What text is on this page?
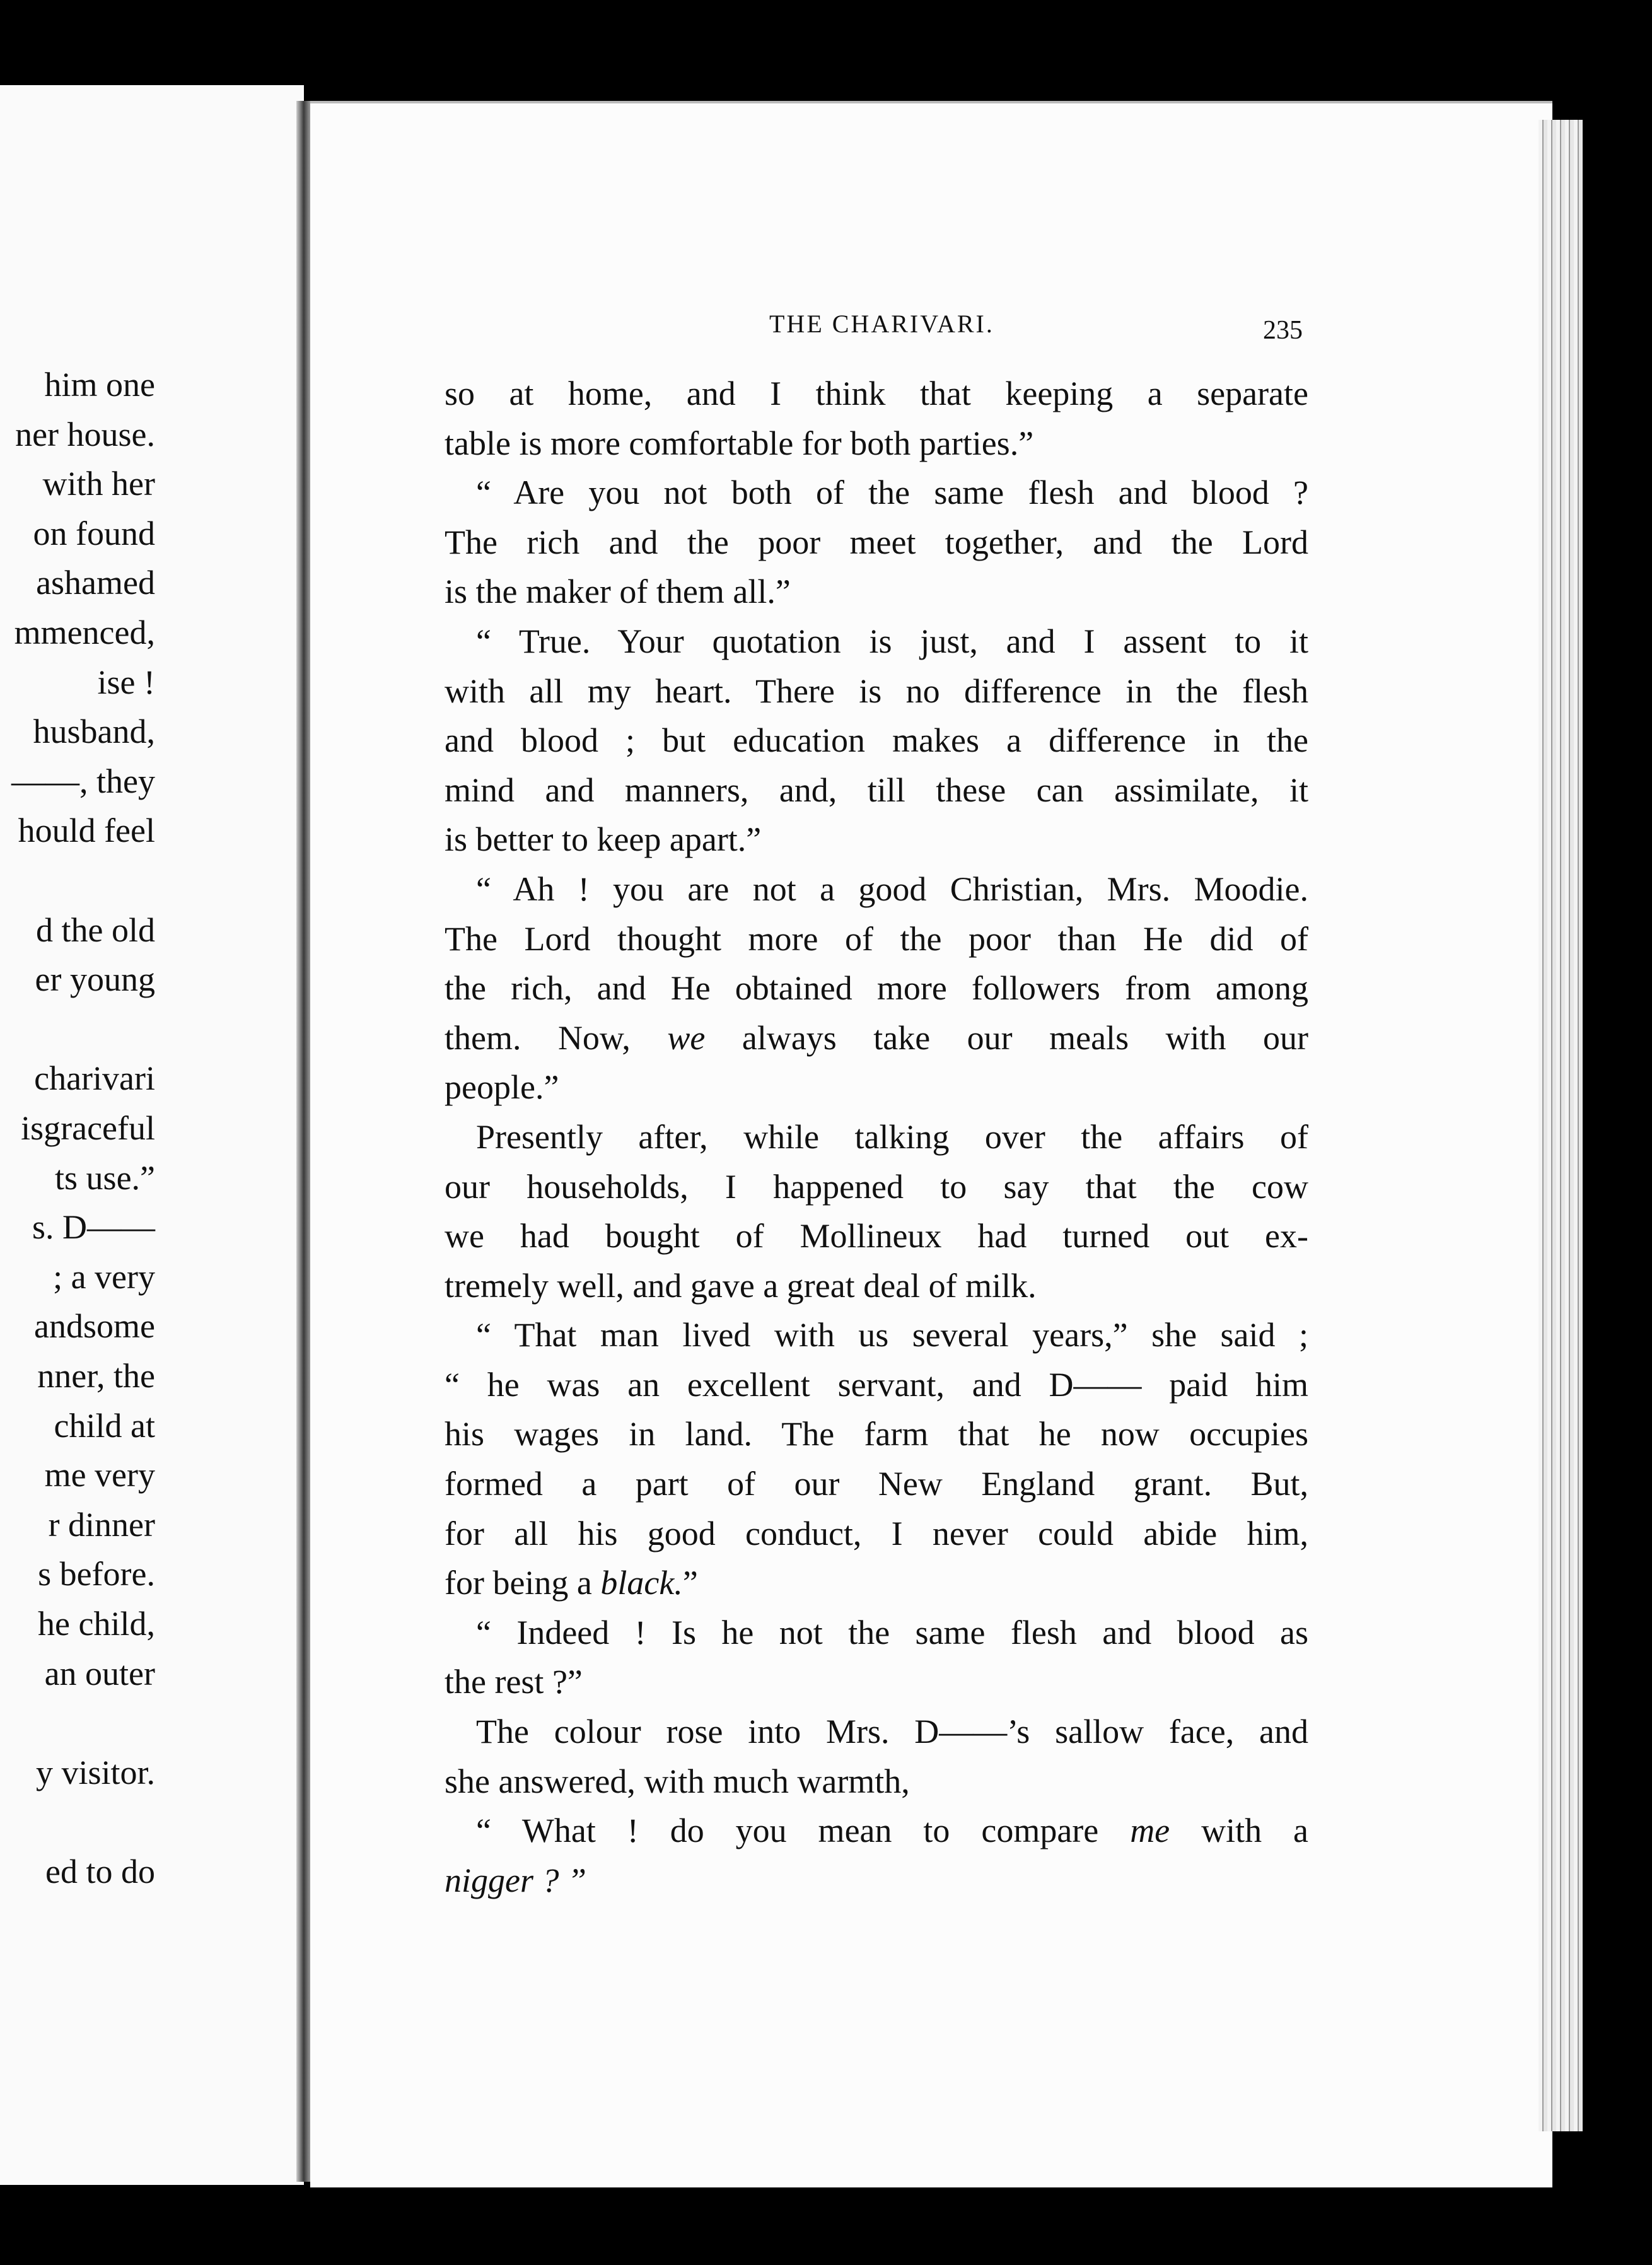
him one
ner house.
with her
on found
ashamed
mmenced,
ise !
husband,
——, they
hould feel
d the old
er young
charivari
isgraceful
ts use.”
s. D——
; a very
andsome
nner, the
child at
me very
r dinner
s before.
he child,
an outer
y visitor.
ed to do
THE CHARIVARI.	235
so at home, and I think that keeping a separate
table is more comfortable for both parties.”
“ Are you not both of the same flesh and blood ?
The rich and the poor meet together, and the Lord
is the maker of them all.”
“ True. Your quotation is just, and I assent to it
with all my heart. There is no difference in the flesh
and blood ; but education makes a difference in the
mind and manners, and, till these can assimilate, it
is better to keep apart.”
“ Ah ! you are not a good Christian, Mrs. Moodie.
The Lord thought more of the poor than He did of
the rich, and He obtained more followers from among
them. Now, we always take our meals with our
people.”
Presently after, while talking over the affairs of
our households, I happened to say that the cow
we had bought of Mollineux had turned out ex-
tremely well, and gave a great deal of milk.
“ That man lived with us several years,” she said ;
“ he was an excellent servant, and D—— paid him
his wages in land. The farm that he now occupies
formed a part of our New England grant. But,
for all his good conduct, I never could abide him,
for being a black.”
“ Indeed ! Is he not the same flesh and blood as
the rest ?”
The colour rose into Mrs. D——’s sallow face, and
she answered, with much warmth,
“ What ! do you mean to compare me with a
nigger ? ”
